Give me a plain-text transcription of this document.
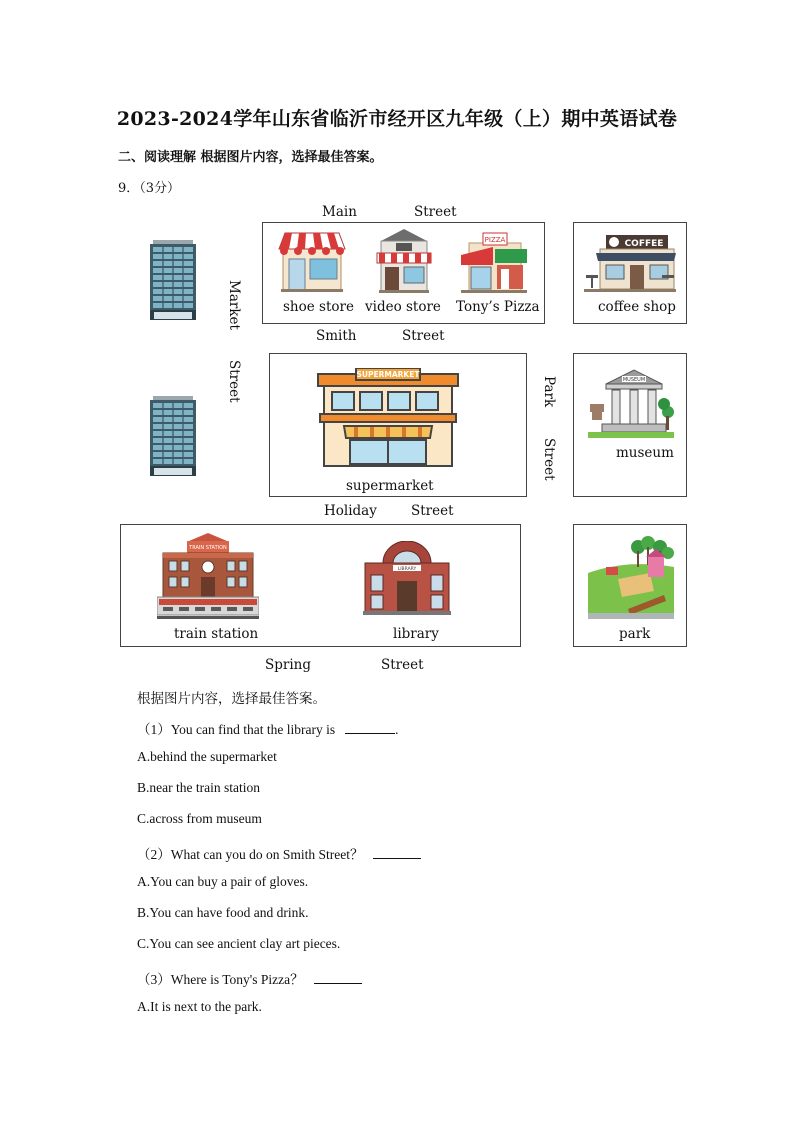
2023-2024学年山东省临沂市经开区九年级（上）期中英语试卷
二、阅读理解 根据图片内容，选择最佳答案。
9．（3分）
Main	Street
Smith	Street
Holiday	Street
Spring	Street
Market
Street	Park
Street
shoe store video store
PIZZA
Tony’s Pizza
COFFEE
coffee shop
SUPERMARKET
supermarket
MUSEUM
museum
TRAIN STATION
train station
LIBRARY
library	park
根据图片内容，选择最佳答案。
（1）You can find that the library is	.
A.behind the supermarket
B.near the train station
C.across from museum
（2）What can you do on Smith Street？
A.You can buy a pair of gloves.
B.You can have food and drink.
C.You can see ancient clay art pieces.
（3）Where is Tony's Pizza？
A.It is next to the park.
